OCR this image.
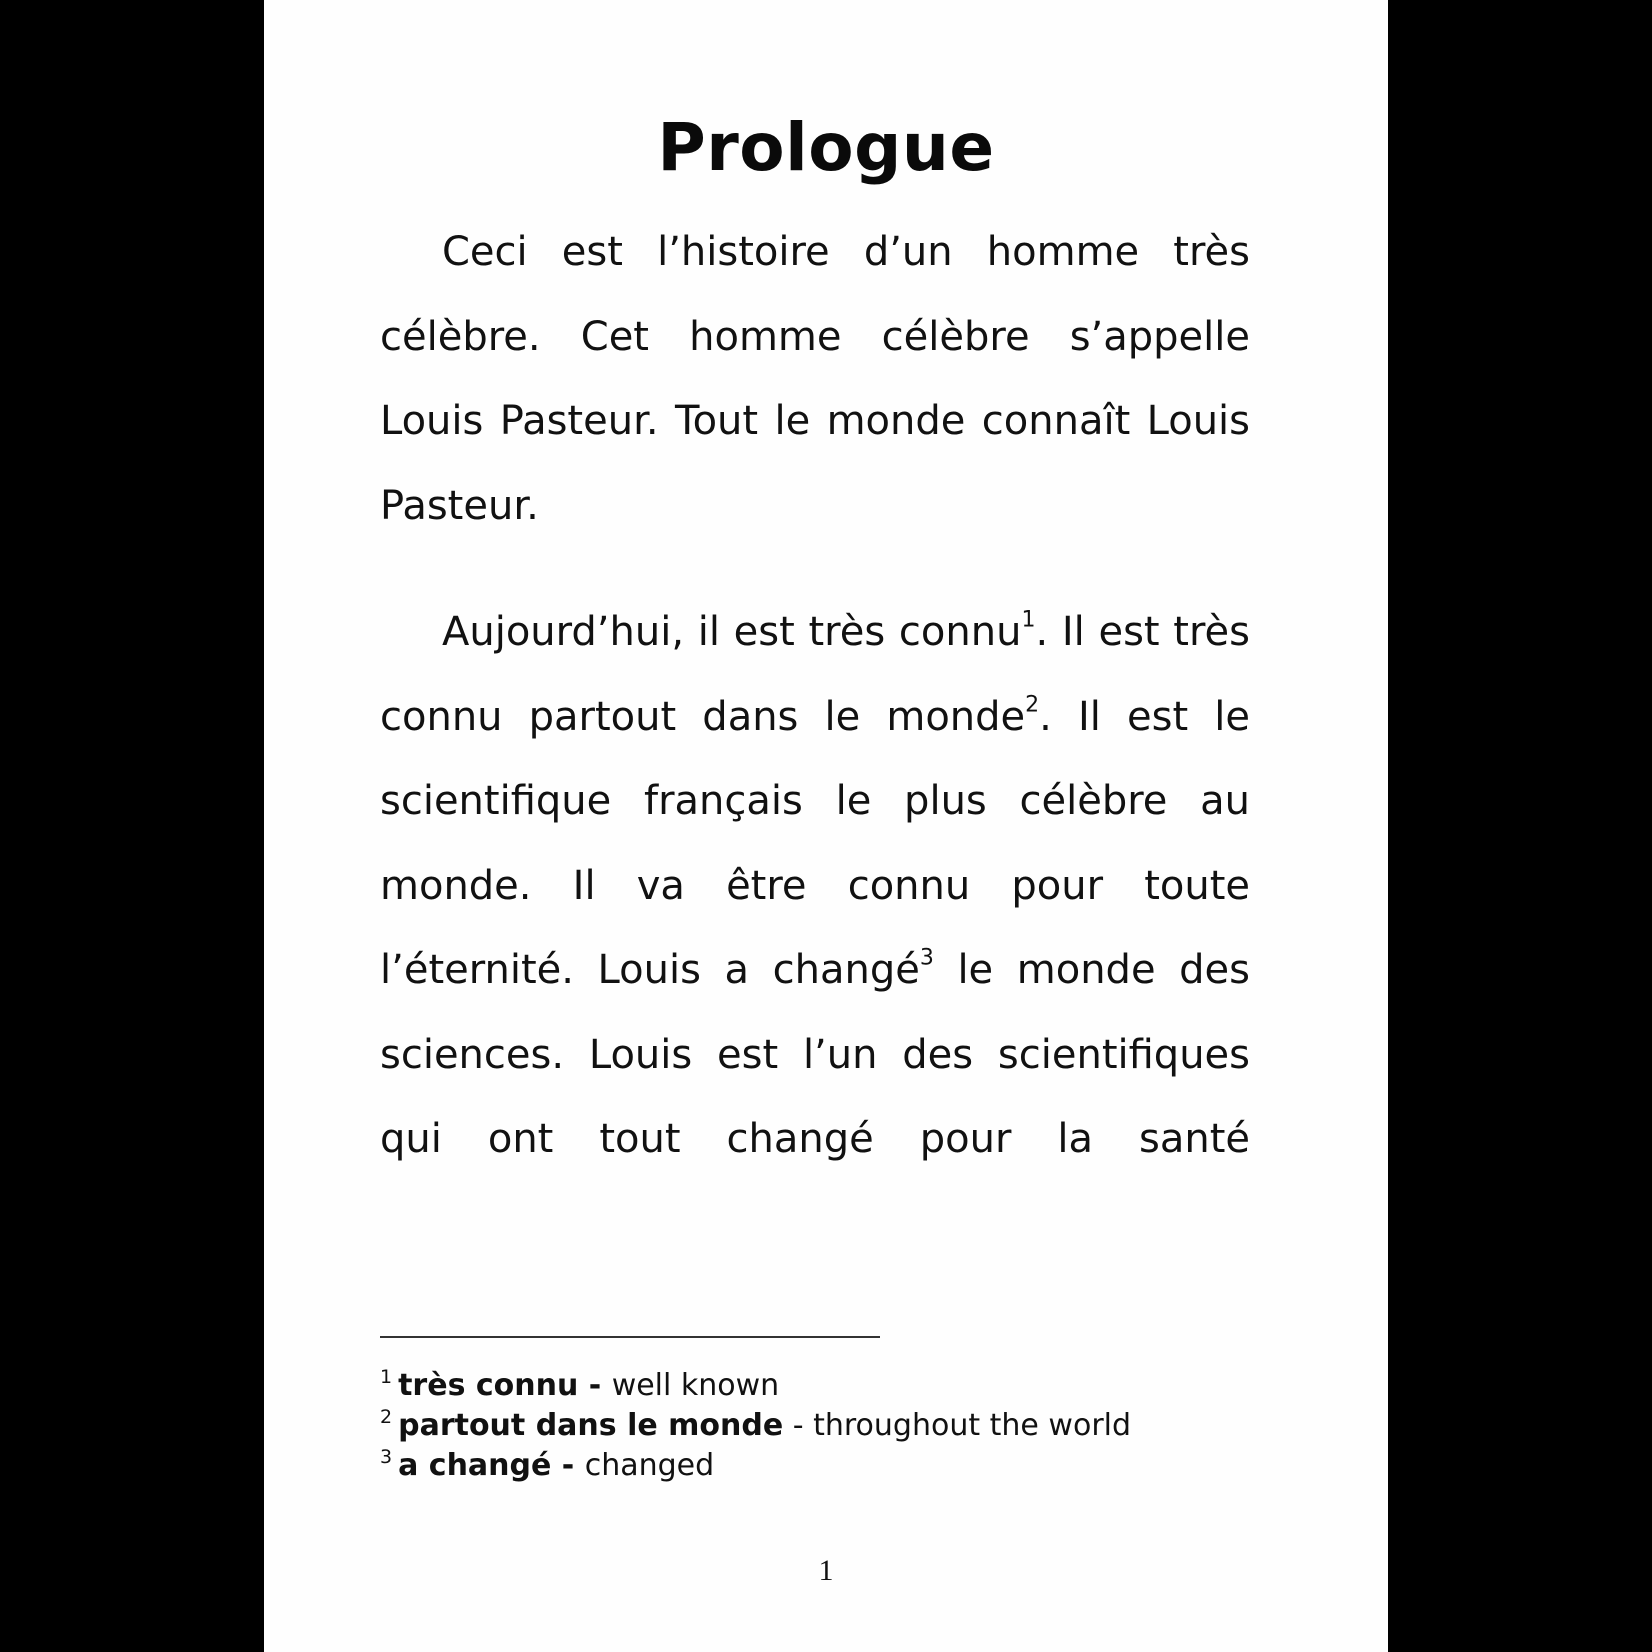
Prologue

Ceci est l’histoire d’un homme très célèbre. Cet homme célèbre s’appelle Louis Pasteur. Tout le monde connaît Louis Pasteur.

Aujourd’hui, il est très connu$^1$. Il est très connu partout dans le monde$^2$. Il est le scientifique français le plus célèbre au monde. Il va être connu pour toute l’éternité. Louis a changé$^3$ le monde des sciences. Louis est l’un des scientifiques qui ont tout changé pour la santé

$^1$ très connu - well known
$^2$ partout dans le monde - throughout the world
$^3$ a changé - changed
1
